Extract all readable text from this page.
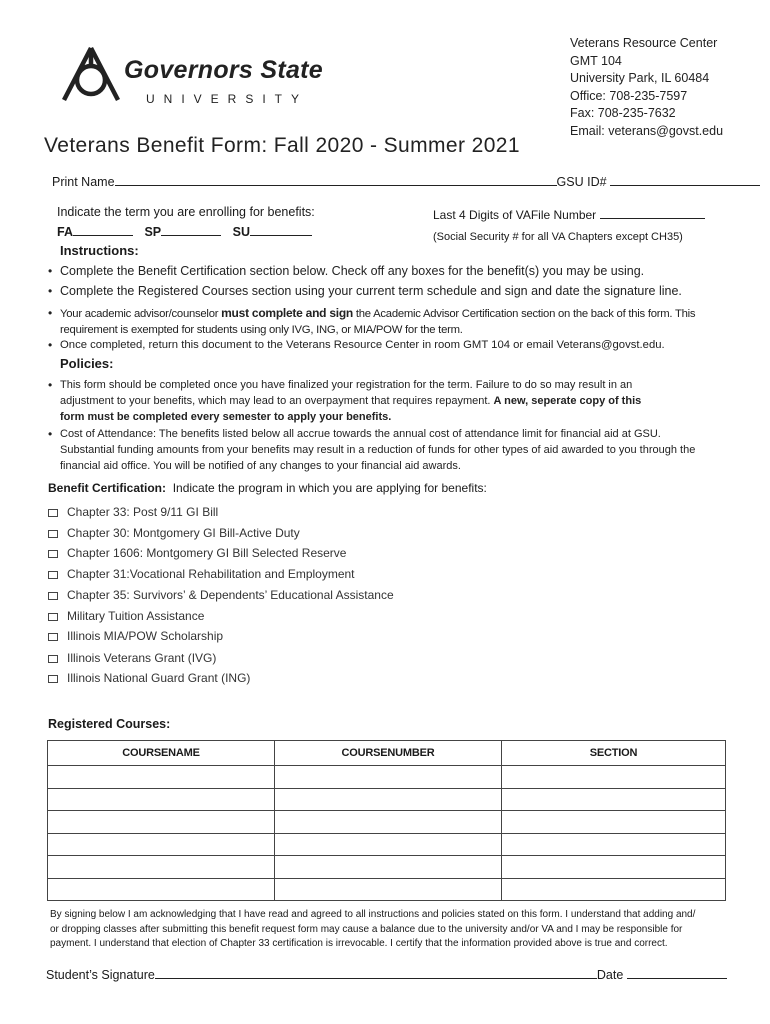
Governors State
UNIVERSITY
Veterans Resource Center
GMT 104
University Park, IL 60484
Office: 708-235-7597
Fax: 708-235-7632
Email: veterans@govst.edu
Veterans Benefit Form: Fall 2020 - Summer 2021
Print Name	GSU ID#
Indicate the term you are enrolling for benefits:
FA	SP	SU
Last 4 Digits of VAFile Number
(Social Security # for all VA Chapters except CH35)
Instructions:
• Complete the Benefit Certification section below. Check off any boxes for the benefit(s) you may be using.
• Complete the Registered Courses section using your current term schedule and sign and date the signature line.
• Your academic advisor/counselor must complete and sign the Academic Advisor Certification section on the back of this form. This
requirement is exempted for students using only IVG, ING, or MIA/POW for the term.
• Once completed, return this document to the Veterans Resource Center in room GMT 104 or email Veterans@govst.edu.
Policies:
• This form should be completed once you have finalized your registration for the term. Failure to do so may result in an
adjustment to your benefits, which may lead to an overpayment that requires repayment. A new, seperate copy of this
form must be completed every semester to apply your benefits.
• Cost of Attendance: The benefits listed below all accrue towards the annual cost of attendance limit for financial aid at GSU.
Substantial funding amounts from your benefits may result in a reduction of funds for other types of aid awarded to you through the
financial aid office. You will be notified of any changes to your financial aid awards.
Benefit Certification: Indicate the program in which you are applying for benefits:
Chapter 33: Post 9/11 GI Bill
Chapter 30: Montgomery GI Bill-Active Duty
Chapter 1606: Montgomery GI Bill Selected Reserve
Chapter 31:Vocational Rehabilitation and Employment
Chapter 35: Survivors’ & Dependents’ Educational Assistance
Military Tuition Assistance
Illinois MIA/POW Scholarship
Illinois Veterans Grant (IVG)
Illinois National Guard Grant (ING)
Registered Courses:
COURSENAME	COURSENUMBER	SECTION

By signing below I am acknowledging that I have read and agreed to all instructions and policies stated on this form. I understand that adding and/
or dropping classes after submitting this benefit request form may cause a balance due to the university and/or VA and I may be responsible for
payment. I understand that election of Chapter 33 certification is irrevocable. I certify that the information provided above is true and correct.
Student’s Signature	Date
